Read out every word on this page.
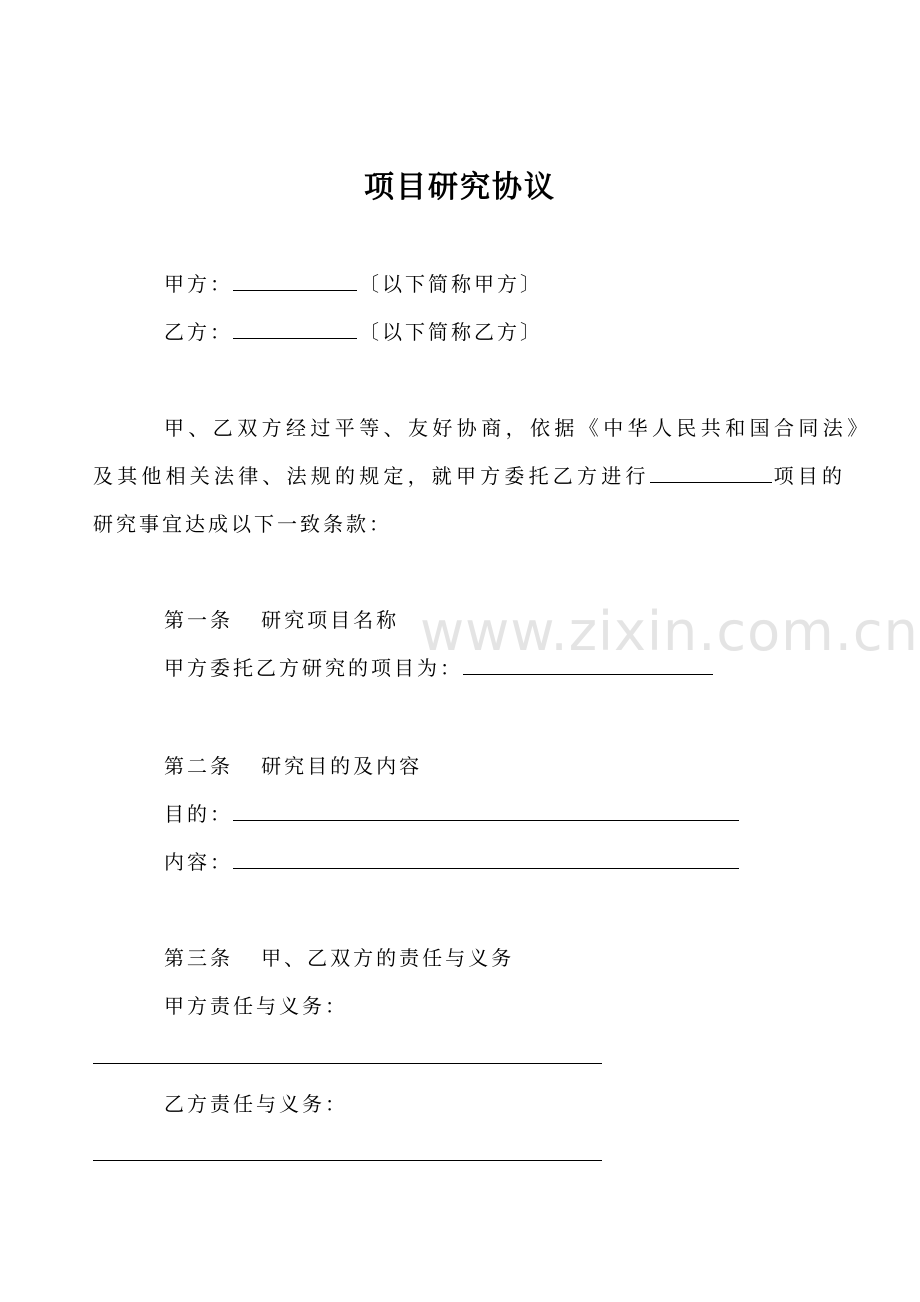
项目研究协议
甲方：	〔以下简称甲方〕
乙方：	〔以下简称乙方〕
甲、乙双方经过平等、友好协商，依据《中华人民共和国合同法》
及其他相关法律、法规的规定，就甲方委托乙方进行	项目的
研究事宜达成以下一致条款：
第一条   研究项目名称
甲方委托乙方研究的项目为：
第二条   研究目的及内容
目的：
内容：
第三条   甲、乙双方的责任与义务
甲方责任与义务：
乙方责任与义务：
www.zixin.com.cn
